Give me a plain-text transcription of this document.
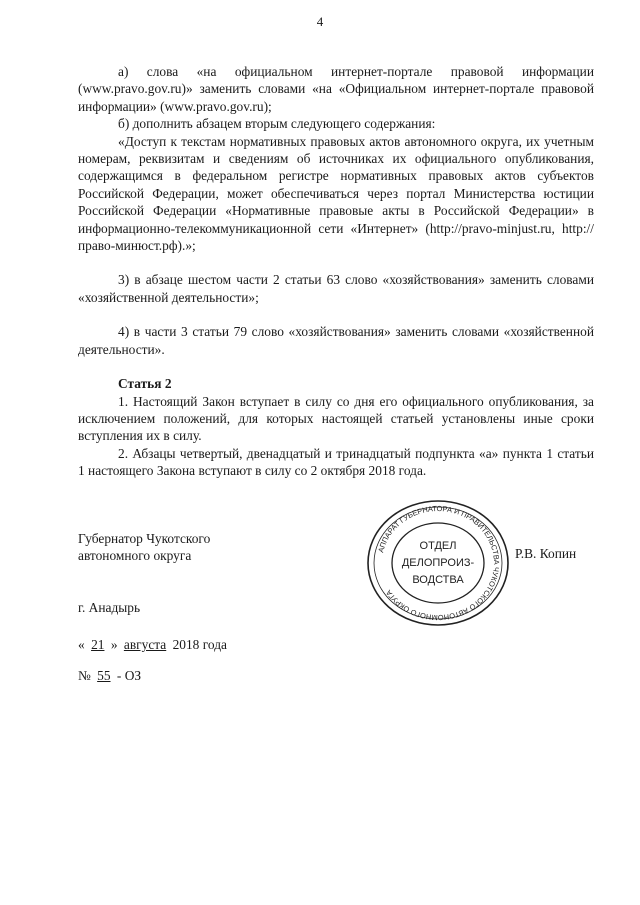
4

а) слова «на официальном интернет-портале правовой информации (www.pravo.gov.ru)» заменить словами «на «Официальном интернет-портале правовой информации» (www.pravo.gov.ru);

б) дополнить абзацем вторым следующего содержания:

«Доступ к текстам нормативных правовых актов автономного округа, их учетным номерам, реквизитам и сведениям об источниках их официального опубликования, содержащимся в федеральном регистре нормативных правовых актов субъектов Российской Федерации, может обеспечиваться через портал Министерства юстиции Российской Федерации «Нормативные правовые акты в Российской Федерации» в информационно-телекоммуникационной сети «Интернет» (http://pravo-minjust.ru, http://право-минюст.рф).»;

3) в абзаце шестом части 2 статьи 63 слово «хозяйствования» заменить словами «хозяйственной деятельности»;

4) в части 3 статьи 79 слово «хозяйствования» заменить словами «хозяйственной деятельности».

Статья 2

1. Настоящий Закон вступает в силу со дня его официального опубликования, за исключением положений, для которых настоящей статьей установлены иные сроки вступления их в силу.

2. Абзацы четвертый, двенадцатый и тринадцатый подпункта «а» пункта 1 статьи 1 настоящего Закона вступают в силу со 2 октября 2018 года.

Губернатор Чукотского
автономного округа	АППАРАТ ГУБЕРНАТОРА И ПРАВИТЕЛЬСТВА ЧУКОТСКОГО АВТОНОМНОГО ОКРУГА
ОТДЕЛ
ДЕЛОПРОИЗ-
ВОДСТВА
Р.В. Копин
г. Анадырь
« 21 » августа 2018 года
№ 55 - ОЗ
